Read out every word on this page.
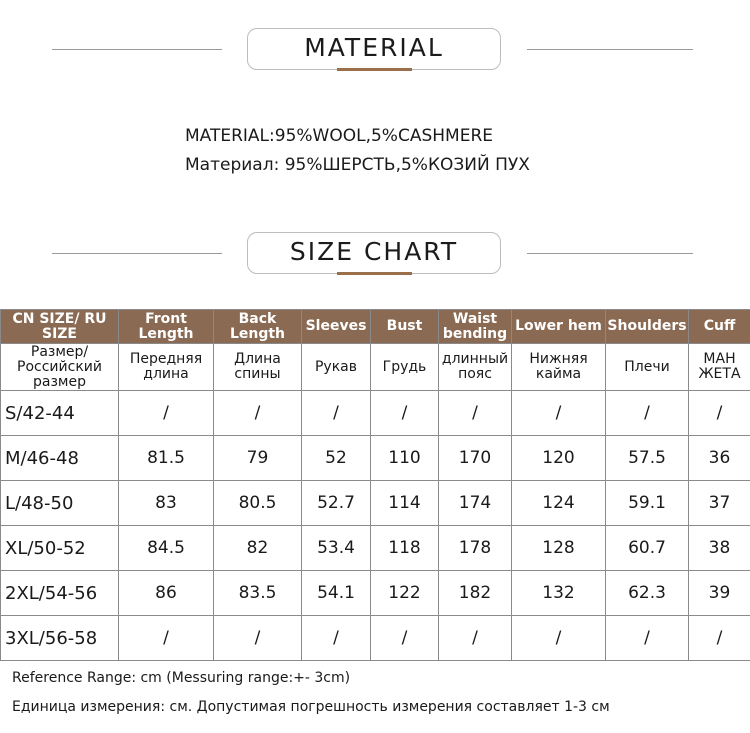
MATERIAL
MATERIAL:95%WOOL,5%CASHMERE
Материал: 95%ШЕРСТЬ,5%КОЗИЙ ПУХ
SIZE CHART
CN SIZE/ RU SIZE	Front Length	Back Length	Sleeves	Bust	Waist bending	Lower hem	Shoulders	Cuff
Размер/ Российский размер	Передняя длина	Длина спины	Рукав	Грудь	длинный пояс	Нижняя кайма	Плечи	МАН ЖЕТА
S/42-44	/	/	/	/	/	/	/	/
M/46-48	81.5	79	52	110	170	120	57.5	36
L/48-50	83	80.5	52.7	114	174	124	59.1	37
XL/50-52	84.5	82	53.4	118	178	128	60.7	38
2XL/54-56	86	83.5	54.1	122	182	132	62.3	39
3XL/56-58	/	/	/	/	/	/	/	/
Reference Range: cm (Messuring range:+- 3cm)
Единица измерения: см. Допустимая погрешность измерения составляет 1-3 см
